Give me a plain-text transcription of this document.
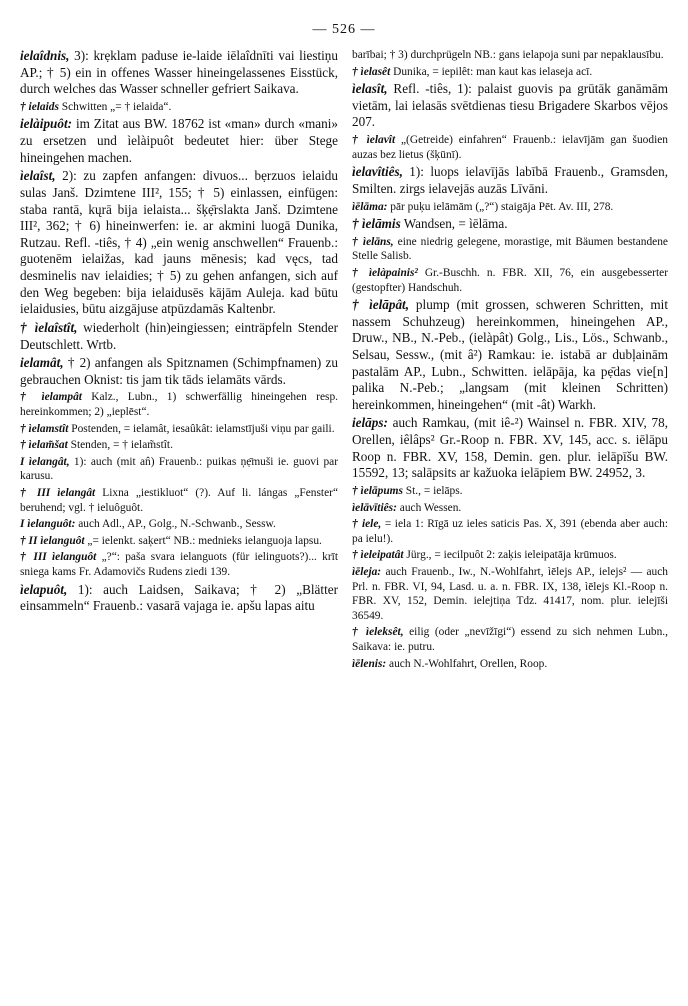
— 526 —

ielaîdnis, 3): krẹklam paduse ie-laide iēlaîdnīti vai liestiņu AP.; † 5) ein in offenes Wasser hineingelassenes Eisstück, durch welches das Wasser schneller gefriert Saikava.

† ielaids Schwitten „= † ielaida“.

ielàipuôt: im Zitat aus BW. 18762 ist «man» durch «mani» zu ersetzen und ìelàipuôt bedeutet hier: über Stege hineingehen machen.

ìelaîst, 2): zu zapfen anfangen: divuos... bẹrzuos ielaidu sulas Janš. Dzimtene III², 155; † 5) einlassen, einfügen: staba rantā, kųrā bija ielaista... šķẹ̄rslakta Janš. Dzimtene III², 362; † 6) hineinwerfen: ie. ar akmini luogā Dunika, Rutzau. Refl. -tiês, † 4) „ein wenig anschwellen“ Frauenb.: guotenēm ielaižas, kad jauns mēnesis; kad vęcs, tad desminelis nav ielaidies; † 5) zu gehen anfangen, sich auf den Weg begeben: bija ielaidusēs kājām Auleja. kad būtu ielaidusies, būtu aizgājuse atpūzdamās Kaltenbr.

† ìelaîstît, wiederholt (hin)eingiessen; einträpfeln Stender Deutschlett. Wrtb.

ielamât, † 2) anfangen als Spitznamen (Schimpfnamen) zu gebrauchen Oknist: tis jam tik tāds ielamāts vārds.

† ìelampât Kalz., Lubn., 1) schwerfällig hineingehen resp. hereinkommen; 2) „ieplēst“.

† ìelamstît Postenden, = ielamât, iesaûkât: ielamstījuši viņu par gaili.

† ìelam̃šat Stenden, = † ielam̃stît.

I ìelangât, 1): auch (mit an̂) Frauenb.: puikas ņẹ̄muši ie. guovi par karusu.

† III ìelangât Lixna „iestikluot“ (?). Auf li. lángas „Fenster“ beruhend; vgl. † ieluôguôt.

I ìelanguôt: auch Adl., AP., Golg., N.-Schwanb., Sessw.

† II ìelanguôt „= ielenkt. saķert“ NB.: mednieks ielanguoja lapsu.

† III ìelanguôt „?“: paša svara ielanguots (für ielinguots?)... krīt sniega kams Fr. Adamovičs Rudens ziedi 139.

ìelapuôt, 1): auch Laidsen, Saikava; † 2) „Blätter einsammeln“ Frauenb.: vasarā vajaga ie. apšu lapas aitu

barībai; † 3) durchprügeln NB.: gans ielapoja suni par nepaklausību.

† ìelasêt Dunika, = iepilêt: man kaut kas ielaseja acī.

ìelasît, Refl. -tiês, 1): palaist guovis pa grūtāk ganāmām vietām, lai ielasās svētdienas tiesu Brigadere Skarbos vējos 207.

† ìelavît „(Getreide) einfahren“ Frauenb.: ielavījām gan šuodien auzas bez lietus (šķūnī).

ìelavîtiês, 1): luops ielavījās labībā Frauenb., Gramsden, Smilten. zirgs ielavejās auzās Līvāni.

ìēlāma: pār puķu ielāmām („?“) staigāja Pēt. Av. III, 278.

† ìelāmis Wandsen, = ìēlāma.

† ìelāns, eine niedrig gelegene, morastige, mit Bäumen bestandene Stelle Salisb.

† ìelàpainis² Gr.-Buschh. n. FBR. XII, 76, ein ausgebesserter (gestopfter) Handschuh.

† ìelāpât, plump (mit grossen, schweren Schritten, mit nassem Schuhzeug) hereinkommen, hineingehen AP., Druw., NB., N.-Peb., (ielàpât) Golg., Lis., Lös., Schwanb., Selsau, Sessw., (mit â²) Ramkau: ie. istabā ar dubļainām pastalām AP., Lubn., Schwitten. ielāpāja, ka pẹ̄das vie[n] palika N.-Peb.; „langsam (mit kleinen Schritten) hereinkommen, hineingehen“ (mit -ât) Warkh.

ielāps: auch Ramkau, (mit iê-²) Wainsel n. FBR. XIV, 78, Orellen, iêlâps² Gr.-Roop n. FBR. XV, 145, acc. s. iēlāpu Roop n. FBR. XV, 158, Demin. gen. plur. ielāpīšu BW. 15592, 13; salāpsits ar kažuoka ielāpiem BW. 24952, 3.

† ìelāpums St., = ielāps.

ìelāvītiês: auch Wessen.

† iele, = iela 1: Rīgā uz ieles saticis Pas. X, 391 (ebenda aber auch: pa ielu!).

† ìeleipatât Jürg., = iecilpuôt 2: zaķis ieleipatāja krūmuos.

ìēleja: auch Frauenb., Iw., N.-Wohlfahrt, ìēlejs AP., ielejs² — auch Prl. n. FBR. VI, 94, Lasd. u. a. n. FBR. IX, 138, ìēlejs Kl.-Roop n. FBR. XV, 152, Demin. ielejtiņa Tdz. 41417, nom. plur. ielejīši 36549.

† ìeleksêt, eilig (oder „nevīžīgi“) essend zu sich nehmen Lubn., Saikava: ie. putru.

ìēlenis: auch N.-Wohlfahrt, Orellen, Roop.
